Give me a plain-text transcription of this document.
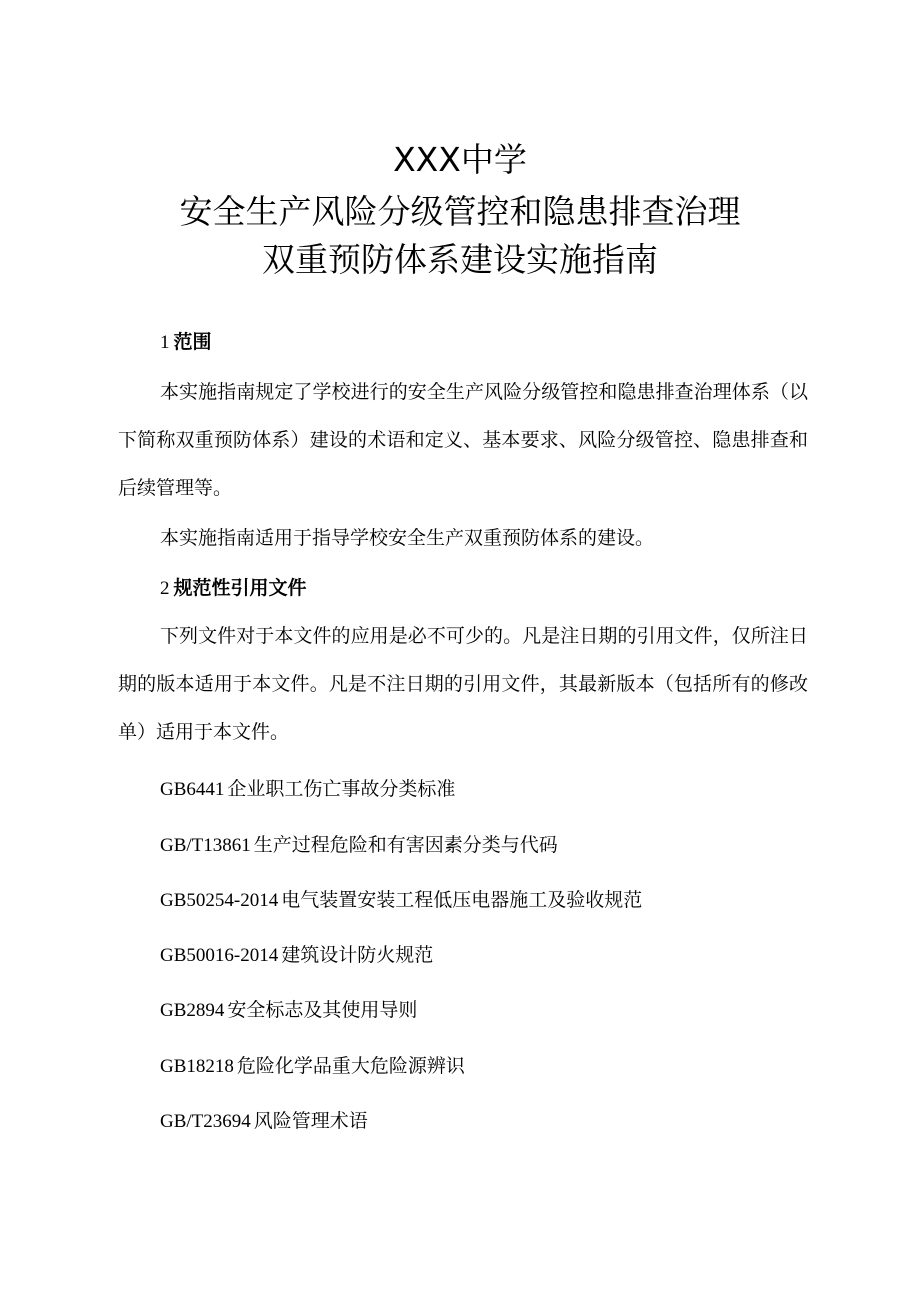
XXX中学
安全生产风险分级管控和隐患排查治理
双重预防体系建设实施指南
1 范围

本实施指南规定了学校进行的安全生产风险分级管控和隐患排查治理体系（以下简称双重预防体系）建设的术语和定义、基本要求、风险分级管控、隐患排查和后续管理等。

本实施指南适用于指导学校安全生产双重预防体系的建设。

2 规范性引用文件

下列文件对于本文件的应用是必不可少的。凡是注日期的引用文件，仅所注日期的版本适用于本文件。凡是不注日期的引用文件，其最新版本（包括所有的修改单）适用于本文件。

GB6441 企业职工伤亡事故分类标准
GB/T13861 生产过程危险和有害因素分类与代码
GB50254-2014 电气装置安装工程低压电器施工及验收规范
GB50016-2014 建筑设计防火规范
GB2894 安全标志及其使用导则
GB18218 危险化学品重大危险源辨识
GB/T23694 风险管理术语
